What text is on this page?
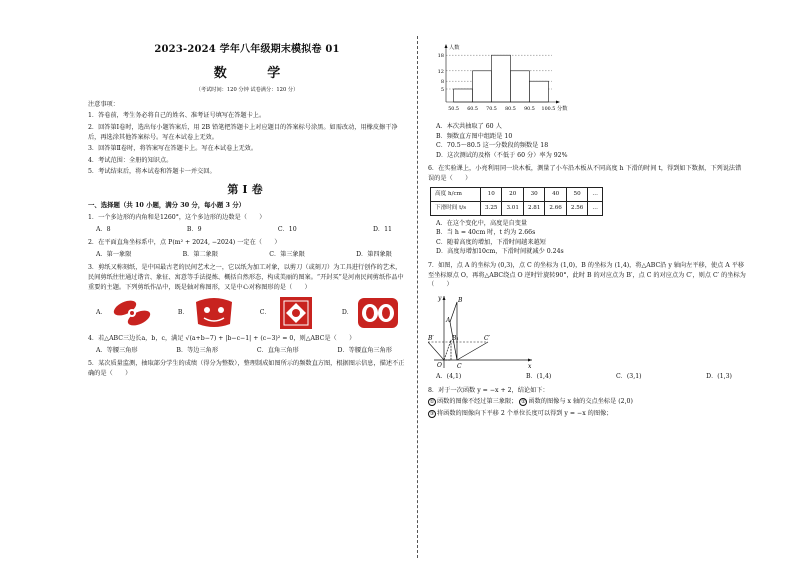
2023-2024 学年八年级期末模拟卷 01
数 学
（考试时间：120 分钟 试卷满分：120 分）
注意事项：
1．答卷前，考生务必将自己的姓名、准考证号填写在答题卡上。
2．回答第Ⅰ卷时，选出每小题答案后，用 2B 铅笔把答题卡上对应题目的答案标号涂黑。如需改动，用橡皮擦干净后，再选涂其他答案标号。写在本试卷上无效。
3．回答第Ⅱ卷时，将答案写在答题卡上。写在本试卷上无效。
4．考试范围：全册的知识点。
5．考试结束后，将本试卷和答题卡一并交回。
第Ⅰ卷
一、选择题（共 10 小题，满分 30 分，每小题 3 分）
1．一个多边形的内角和是1260°，这个多边形的边数是（　　）
A．8	B．9	C．10	D．11
2．在平面直角坐标系中，点 P(m² + 2024, −2024) 一定在（　　）
A．第一象限	B．第二象限	C．第三象限	D．第四象限
3．剪纸又称刻纸，是中国最古老的民间艺术之一，它以纸为加工对象，以剪刀（或刻刀）为工具进行创作的艺术，民间剪纸往往通过谐音、象征、寓意等手法提炼、概括自然形态，构成美丽的图案。“开封买”是河南民间剪纸作品中重要的主题。下列剪纸作品中，既是轴对称图形，又是中心对称图形的是（　　）
A．	B．	C．	D．
4．若△ABC三边长a，b，c，满足 √(a+b−7) + |b−c−1| + (c−3)² = 0，则△ABC是（　　）
A．等腰三角形	B．等边三角形	C．直角三角形	D．等腰直角三角形
5．某次质量监测，抽取部分学生的成绩（得分为整数），整理制成如图所示的频数直方图，根据图示信息，描述不正确的是（　　）
5
8
12
18
人数
分数
50.5 60.5 70.5 80.5 90.5 100.5
A．本次共抽取了 60 人
B．频数直方图中组距是 10
C．70.5～80.5 这一分数段的频数是 18
D．这次测试的及格（不低于 60 分）率为 92%
6．在实验课上，小亮利用同一块木板，测量了小车沿木板从不同高度 h 下滑的时间 t，得到如下数据，下列说法错误的是（　　）
高度 h/cm	10	20	30	40	50	…
下滑时间 t/s	3.25	3.01	2.81	2.66	2.56	…
A．在这个变化中，高度是自变量
B．当 h = 40cm 时，t 约为 2.66s
C．随着高度的增加，下滑时间越来越短
D．高度每增加10cm，下滑时间就减少 0.24s
7．如图，点 A 的坐标为 (0,3)，点 C 的坐标为 (1,0)，B 的坐标为 (1,4)，将△ABC沿 y 轴向左平移，使点 A 平移至坐标原点 O，再将△ABC绕点 O 逆时针旋转90°，此时 B 的对应点为 B′，点 C 的对应点为 C′，则点 C′ 的坐标为（　　）
y
x
O
A
B
C
B₁
B′	C′
A．(4,1)	B．(1,4)	C．(3,1)	D．(1,3)
8．对于一次函数 y = −x + 2，结论如下：
① 函数的图像不经过第三象限； ② 函数的图像与 x 轴的交点坐标是 (2,0)
③ 将函数的图像向下平移 2 个单位长度可以得到 y = −x 的图像；
